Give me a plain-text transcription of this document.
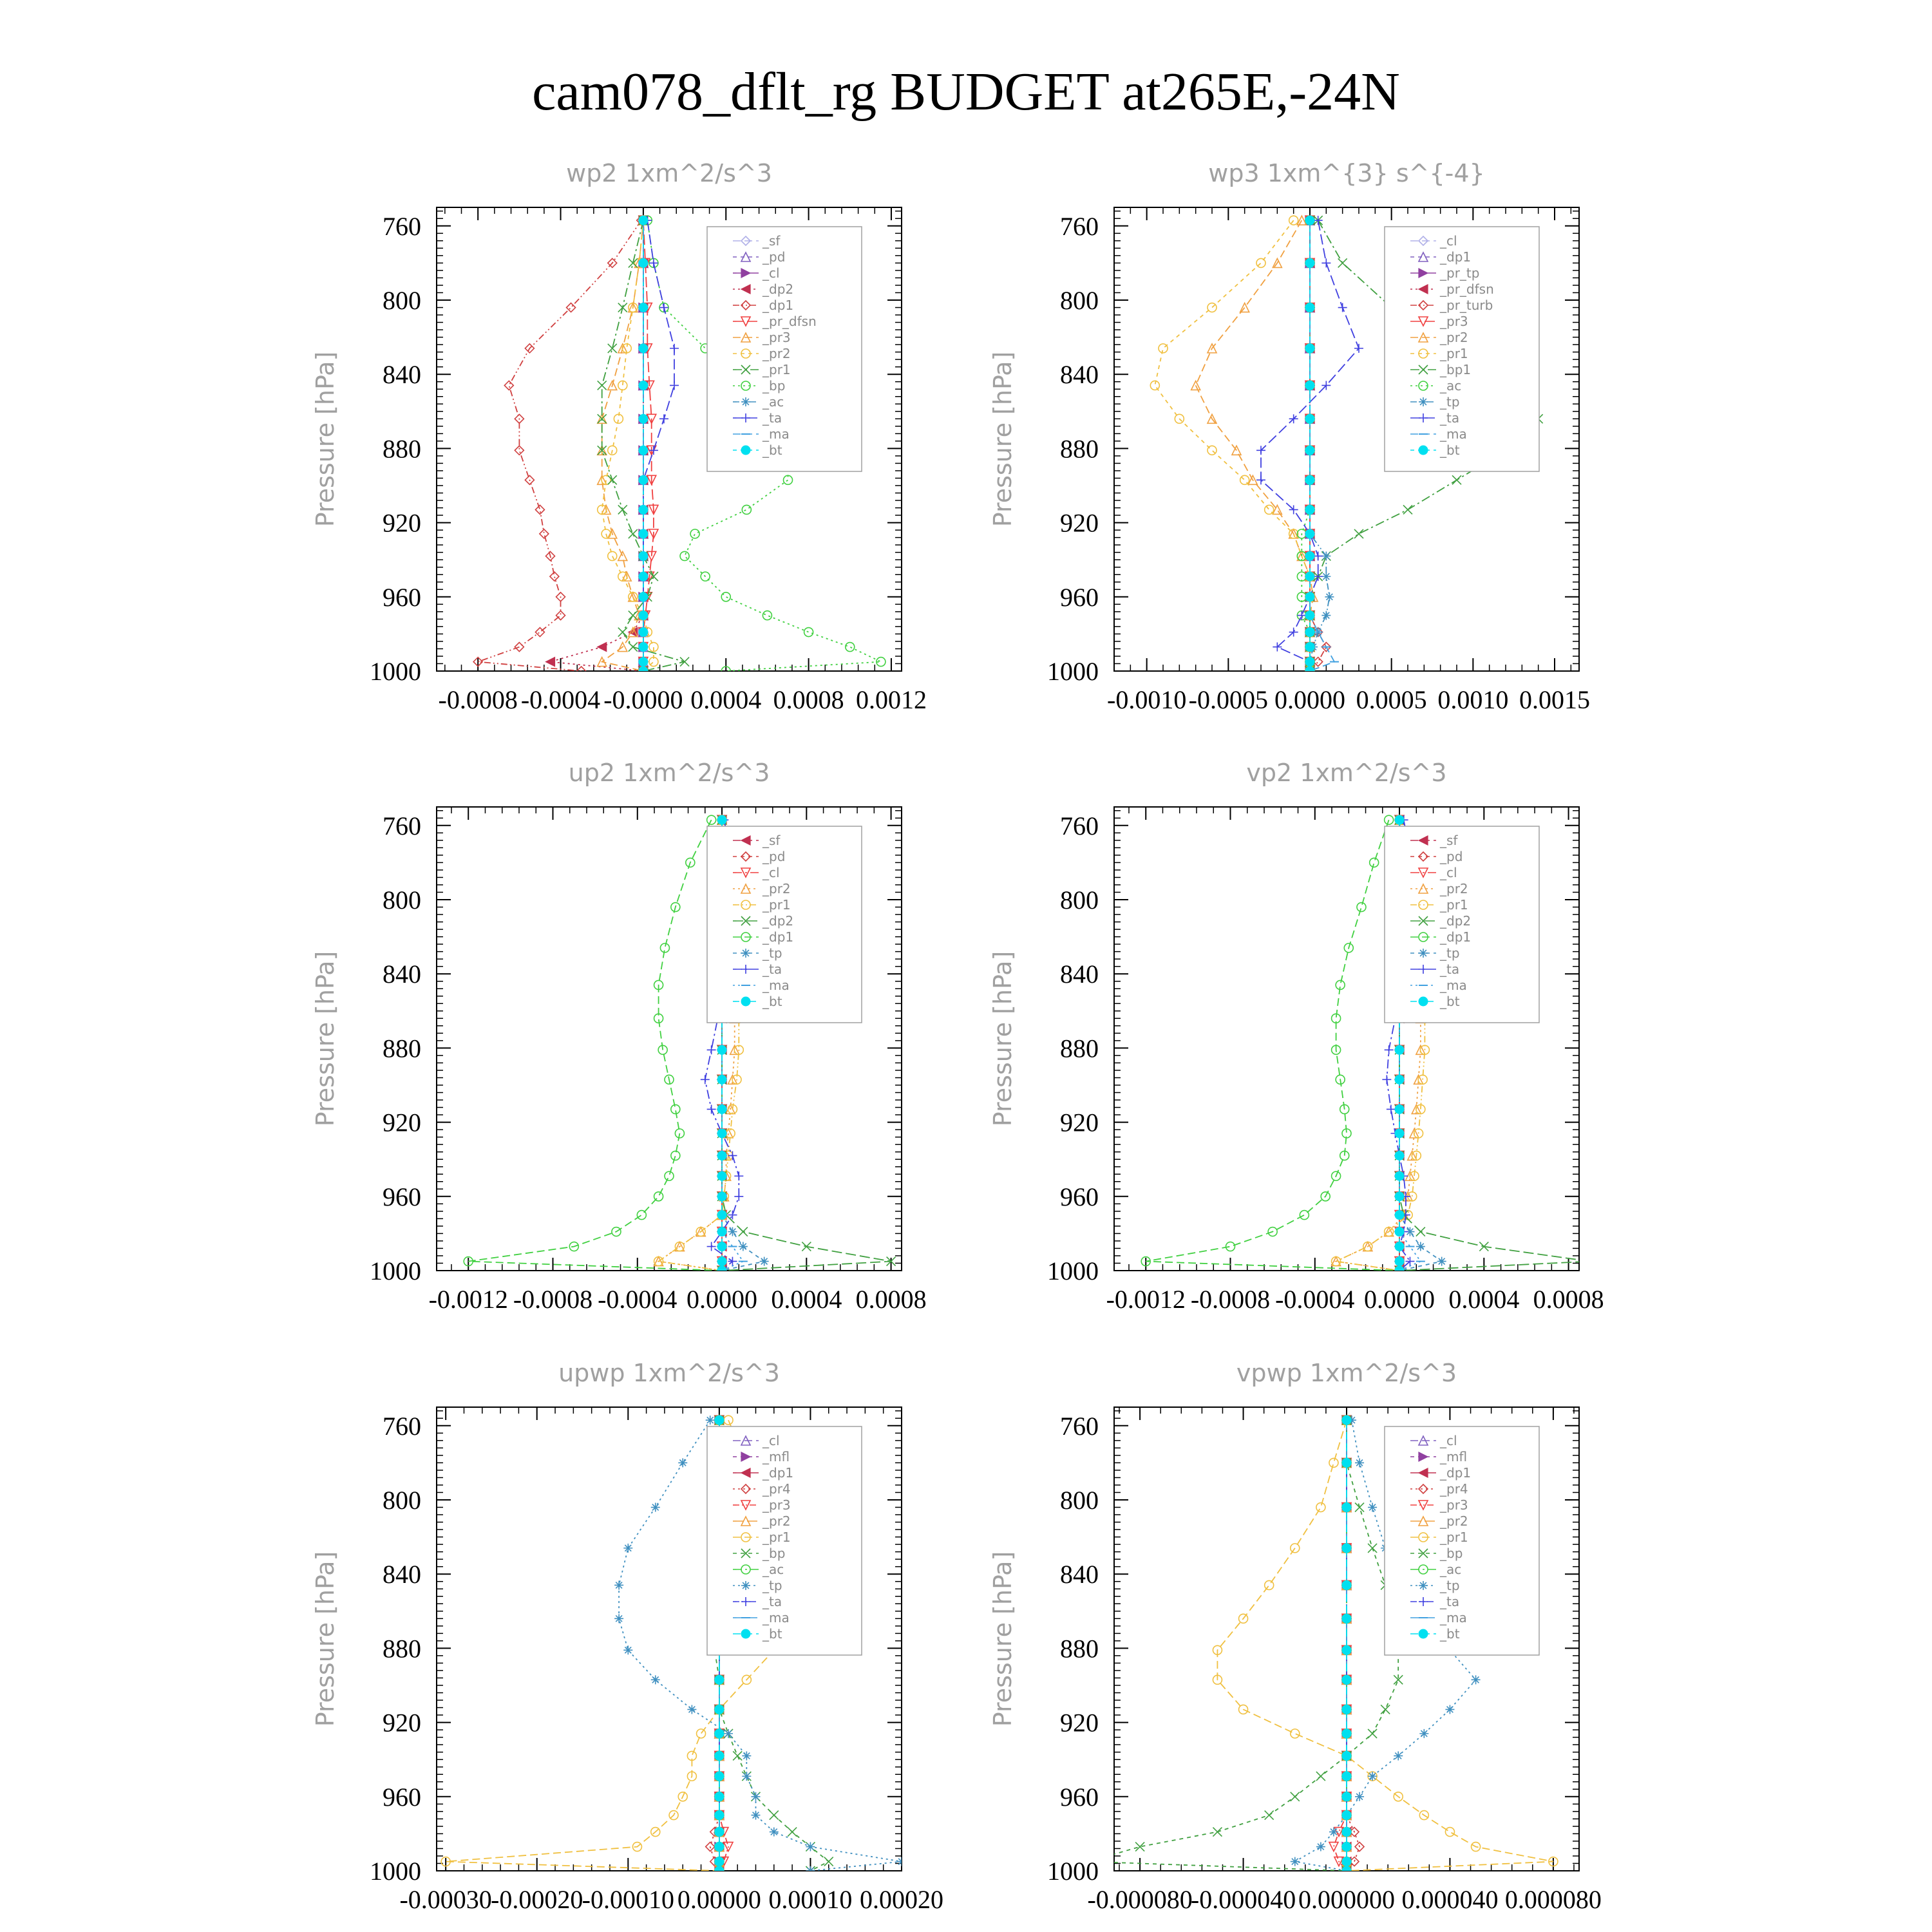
cam078_dflt_rg BUDGET at265E,-24N
wp2 1xm^2/s^3
Pressure [hPa]
-0.0008 -0.0004 -0.0000 0.0004 0.0008 0.0012
760
800
840
880
920
960
1000
_sf
_pd
_cl
_dp2
_dp1
_pr_dfsn
_pr3
_pr2
_pr1
_bp
_ac
_ta
_ma
_bt
wp3 1xm^{3} s^{-4}
Pressure [hPa]
-0.0010 -0.0005 0.0000 0.0005 0.0010 0.0015
760
800
840
880
920
960
1000
_cl
_dp1
_pr_tp
_pr_dfsn
_pr_turb
_pr3
_pr2
_pr1
_bp1
_ac
_tp
_ta
_ma
_bt
up2 1xm^2/s^3
Pressure [hPa]
-0.0012 -0.0008 -0.0004 0.0000 0.0004 0.0008
760
800
840
880
920
960
1000
_sf
_pd
_cl
_pr2
_pr1
_dp2
_dp1
_tp
_ta
_ma
_bt
vp2 1xm^2/s^3
Pressure [hPa]
-0.0012 -0.0008 -0.0004 0.0000 0.0004 0.0008
760
800
840
880
920
960
1000
_sf
_pd
_cl
_pr2
_pr1
_dp2
_dp1
_tp
_ta
_ma
_bt
upwp 1xm^2/s^3
Pressure [hPa]
-0.00030
-0.00020
-0.00010 0.00000 0.00010 0.00020
760
800
840
880
920
960
1000
_cl
_mfl
_dp1
_pr4
_pr3
_pr2
_pr1
_bp
_ac
_tp
_ta
_ma
_bt
vpwp 1xm^2/s^3
Pressure [hPa]
-0.000080
-0.000040 0.000000 0.000040 0.000080
760
800
840
880
920
960
1000
_cl
_mfl
_dp1
_pr4
_pr3
_pr2
_pr1
_bp
_ac
_tp
_ta
_ma
_bt
